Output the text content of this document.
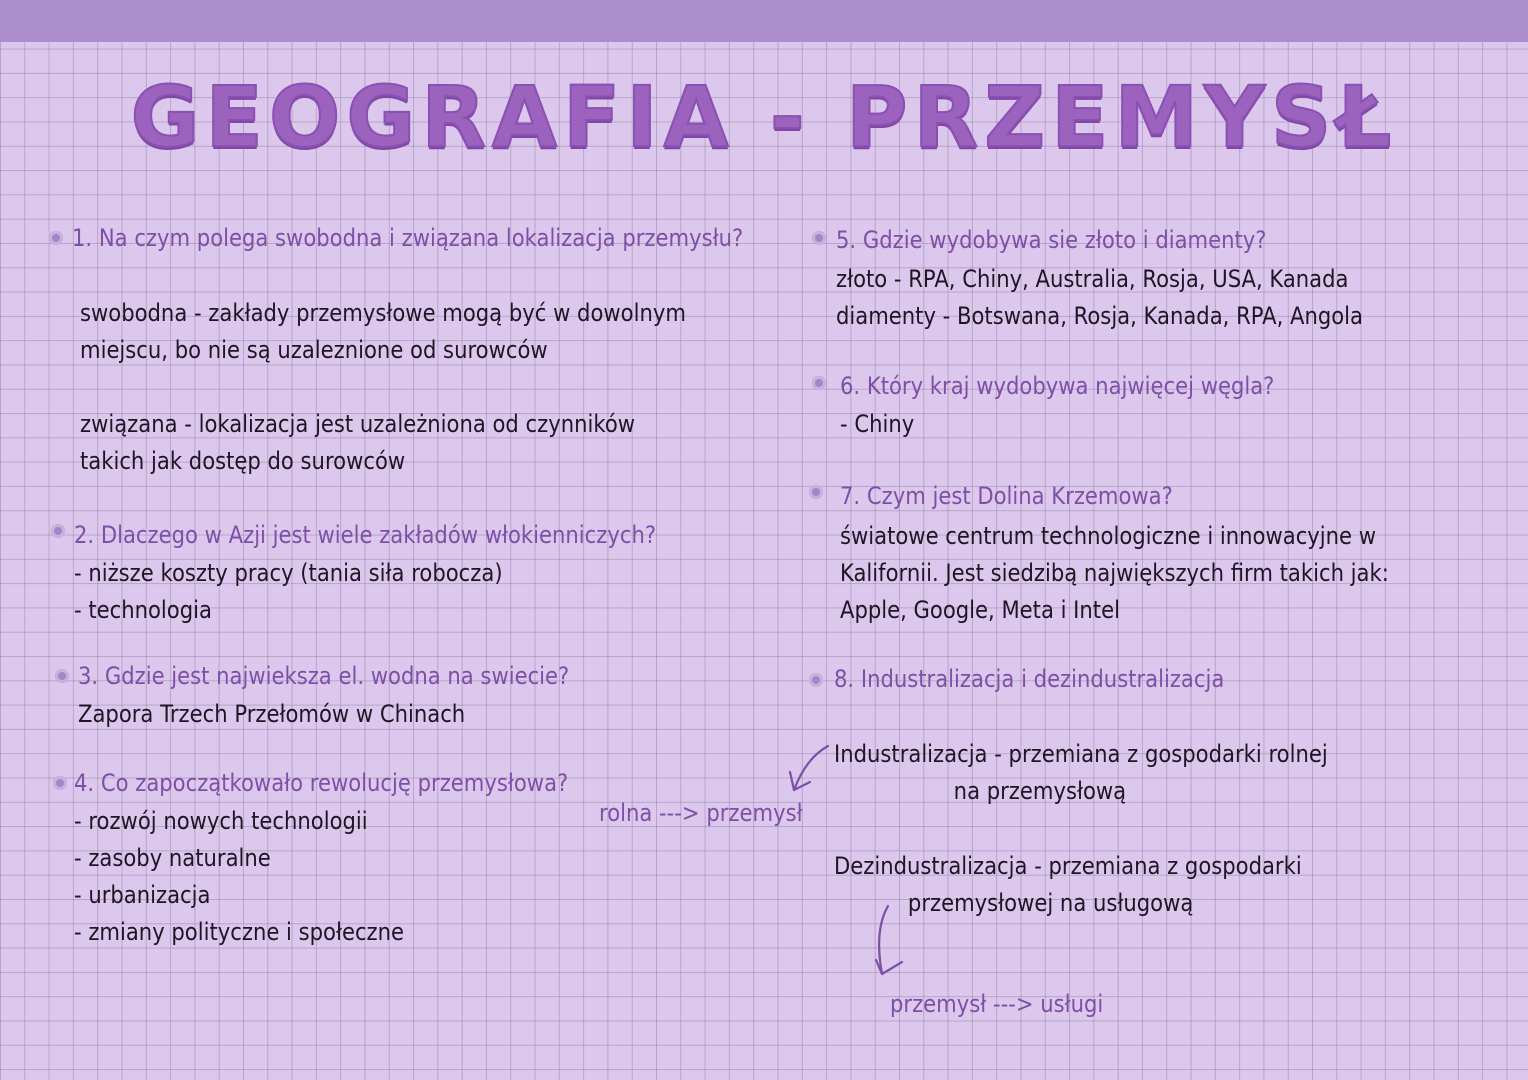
GEOGRAFIA - PRZEMYSŁ
1. Na czym polega swobodna i związana lokalizacja przemysłu?
swobodna - zakłady przemysłowe mogą być w dowolnym
miejscu, bo nie są uzaleznione od surowców
związana - lokalizacja jest uzależniona od czynników
takich jak dostęp do surowców
2. Dlaczego w Azji jest wiele zakładów włokienniczych?
- niższe koszty pracy (tania siła robocza)
- technologia
3. Gdzie jest najwieksza el. wodna na swiecie?
Zapora Trzech Przełomów w Chinach
4. Co zapoczątkowało rewolucję przemysłowa?
- rozwój nowych technologii
- zasoby naturalne
- urbanizacja
- zmiany polityczne i społeczne
rolna ---> przemysł
5. Gdzie wydobywa sie złoto i diamenty?
złoto - RPA, Chiny, Australia, Rosja, USA, Kanada
diamenty - Botswana, Rosja, Kanada, RPA, Angola
6. Który kraj wydobywa najwięcej węgla?
- Chiny
7. Czym jest Dolina Krzemowa?
światowe centrum technologiczne i innowacyjne w
Kalifornii. Jest siedzibą największych firm takich jak:
Apple, Google, Meta i Intel
8. Industralizacja i dezindustralizacja
Industralizacja - przemiana z gospodarki rolnej
na przemysłową
Dezindustralizacja - przemiana z gospodarki
przemysłowej na usługową
przemysł ---> usługi
